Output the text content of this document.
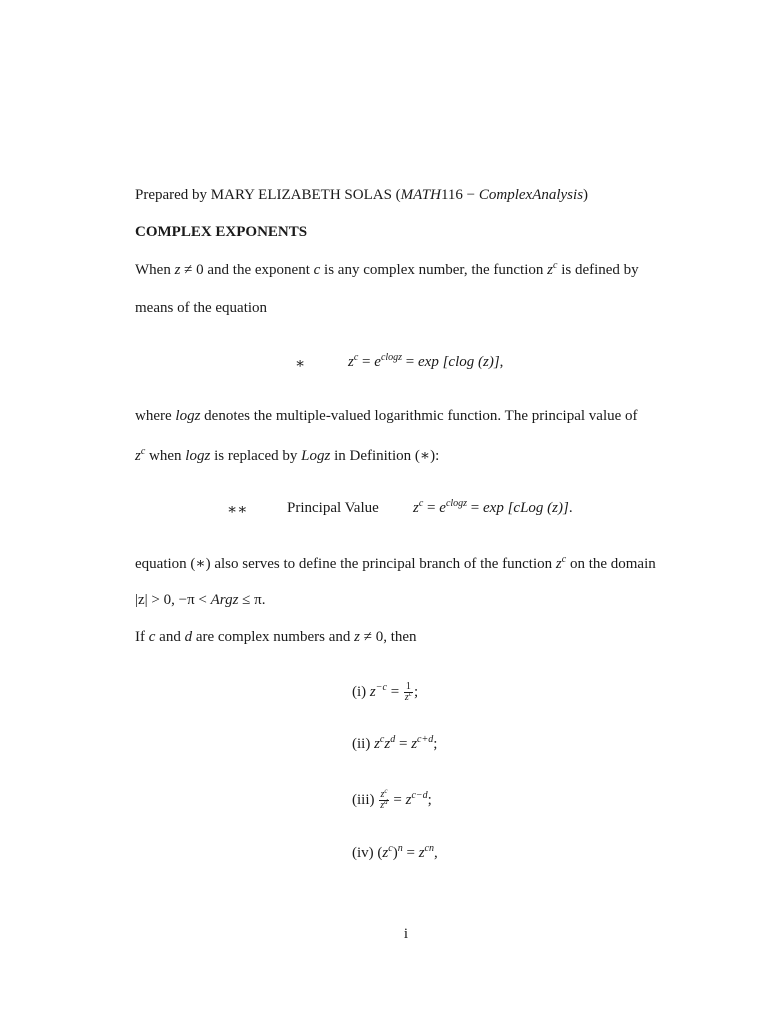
Prepared by MARY ELIZABETH SOLAS (MATH116 − ComplexAnalysis)
COMPLEX EXPONENTS
When z ≠ 0 and the exponent c is any complex number, the function $z^c$ is defined by
means of the equation
∗	$z^c = e^{clogz} = \exp [clog$ (z)],
where logz denotes the multiple-valued logarithmic function. The principal value of
$z^c$ when logz is replaced by Logz in Definition (∗):
∗∗	Principal Value $z^c = e^{clogz} = \exp$ [cLog (z)].
equation (∗) also serves to define the principal branch of the function $z^c$ on the domain
|z| > 0, −π < Argz ≤ π.
If c and d are complex numbers and z ≠ 0, then
(i) $z^{-c} = \frac{1}{z^c}$ ;
(ii) $z^cz^d = z^{c+d}$;
$(iii) \frac{z^c}{z^d} = z^{c-d}$;
(iv) $(z^c)^n = z^{cn}$,
i
